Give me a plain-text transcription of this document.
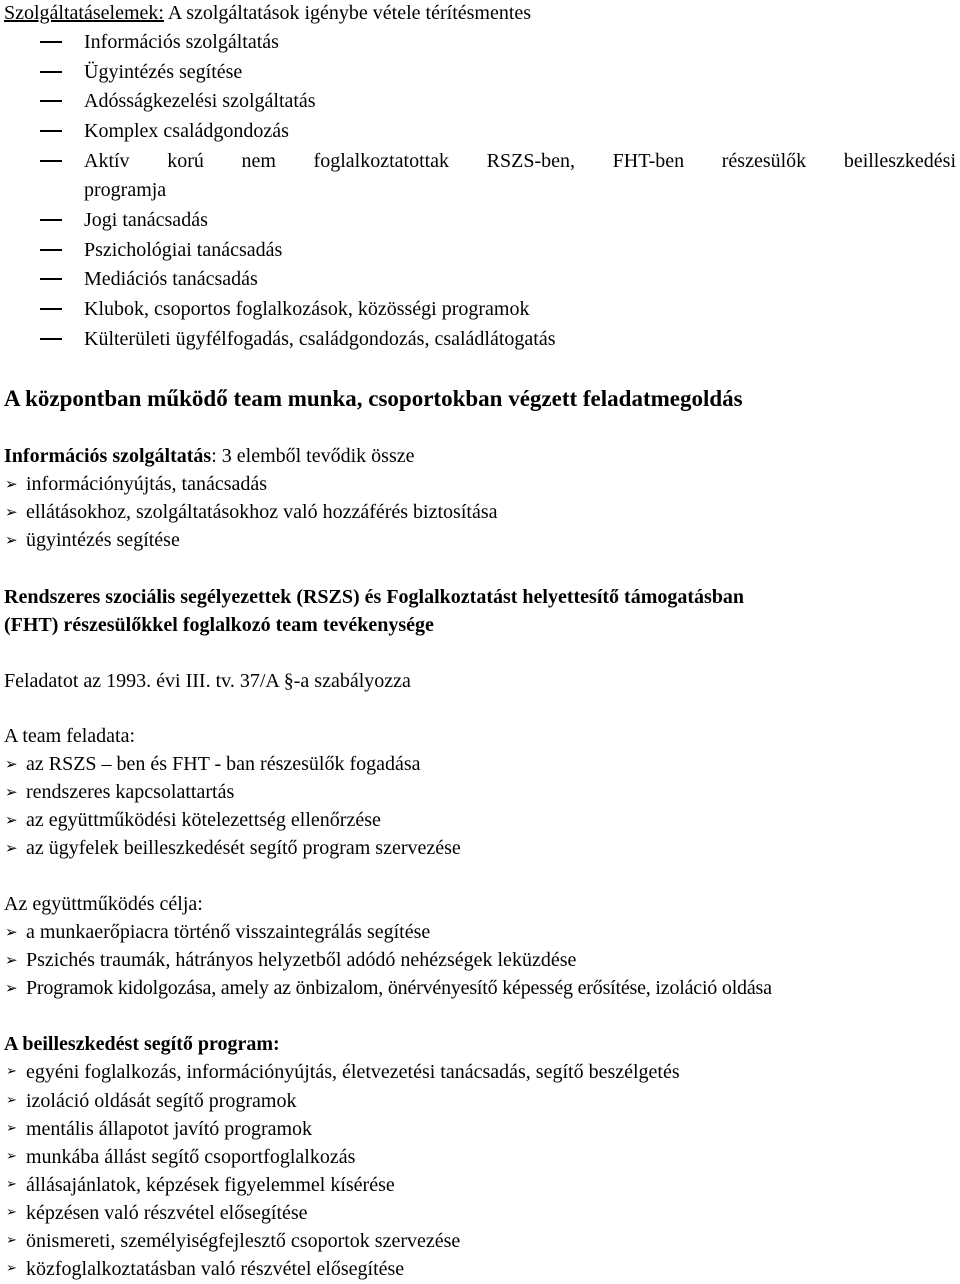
Szolgáltatáselemek: A szolgáltatások igénybe vétele térítésmentes
Információs szolgáltatás
Ügyintézés segítése
Adósságkezelési szolgáltatás
Komplex családgondozás
Aktív korú nem foglalkoztatottak RSZS-ben, FHT-ben részesülők beilleszkedési
programja
Jogi tanácsadás
Pszichológiai tanácsadás
Mediációs tanácsadás
Klubok, csoportos foglalkozások, közösségi programok
Külterületi ügyfélfogadás, családgondozás, családlátogatás
A központban működő team munka, csoportokban végzett feladatmegoldás
Információs szolgáltatás: 3 elemből tevődik össze
➢ információnyújtás, tanácsadás
➢ ellátásokhoz, szolgáltatásokhoz való hozzáférés biztosítása
➢ ügyintézés segítése
Rendszeres szociális segélyezettek (RSZS) és Foglalkoztatást helyettesítő támogatásban
(FHT) részesülőkkel foglalkozó team tevékenysége
Feladatot az 1993. évi III. tv. 37/A §-a szabályozza
A team feladata:
➢ az RSZS – ben és FHT - ban részesülők fogadása
➢ rendszeres kapcsolattartás
➢ az együttműködési kötelezettség ellenőrzése
➢ az ügyfelek beilleszkedését segítő program szervezése
Az együttműködés célja:
➢ a munkaerőpiacra történő visszaintegrálás segítése
➢ Pszichés traumák, hátrányos helyzetből adódó nehézségek leküzdése
➢ Programok kidolgozása, amely az önbizalom, önérvényesítő képesség erősítése, izoláció oldása
A beilleszkedést segítő program:
➢ egyéni foglalkozás, információnyújtás, életvezetési tanácsadás, segítő beszélgetés
➢ izoláció oldását segítő programok
➢ mentális állapotot javító programok
➢ munkába állást segítő csoportfoglalkozás
➢ állásajánlatok, képzések figyelemmel kísérése
➢ képzésen való részvétel elősegítése
➢ önismereti, személyiségfejlesztő csoportok szervezése
➢ közfoglalkoztatásban való részvétel elősegítése
